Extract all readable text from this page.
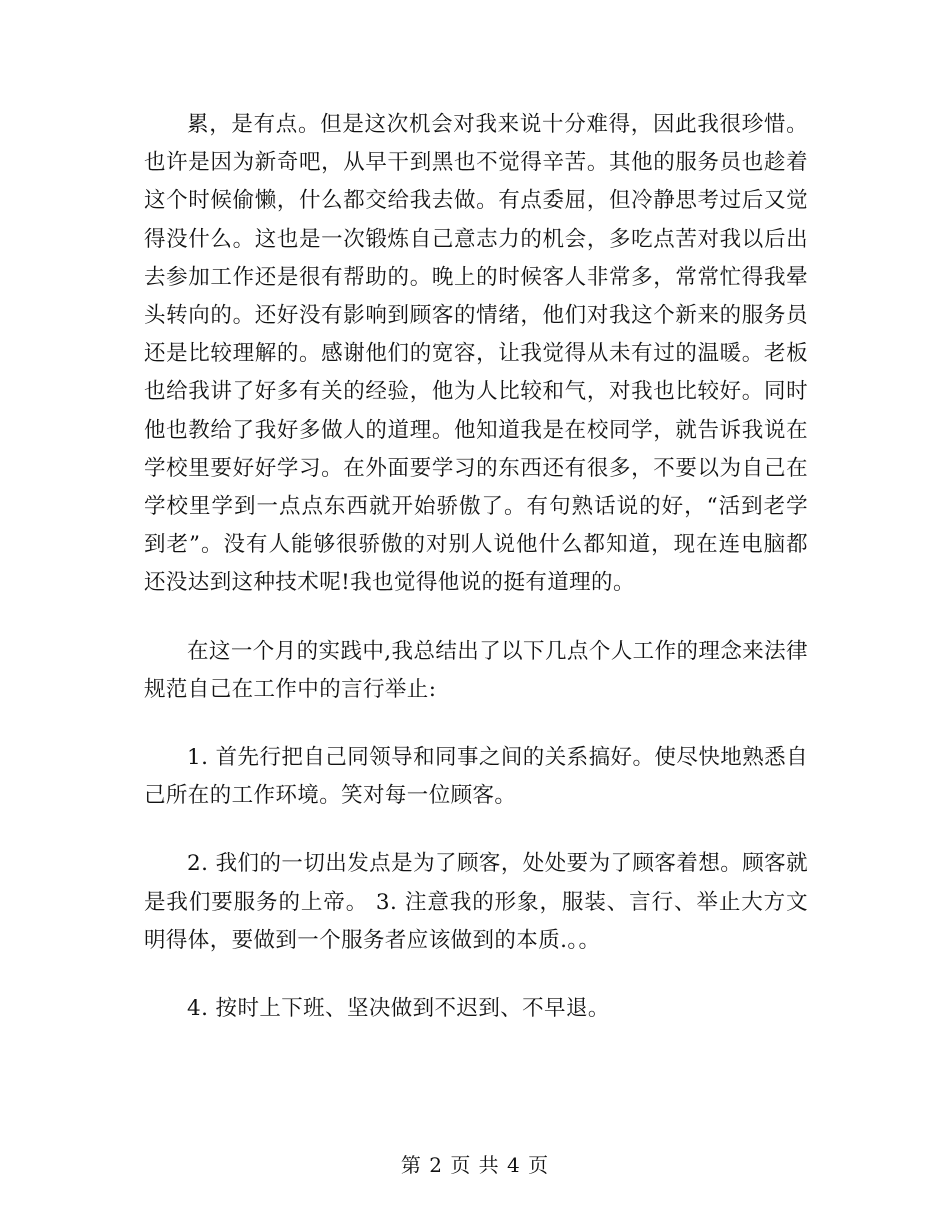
累，是有点。但是这次机会对我来说十分难得，因此我很珍惜。也许是因为新奇吧，从早干到黑也不觉得辛苦。其他的服务员也趁着这个时候偷懒，什么都交给我去做。有点委屈，但冷静思考过后又觉得没什么。这也是一次锻炼自己意志力的机会，多吃点苦对我以后出去参加工作还是很有帮助的。晚上的时候客人非常多，常常忙得我晕头转向的。还好没有影响到顾客的情绪，他们对我这个新来的服务员还是比较理解的。感谢他们的宽容，让我觉得从未有过的温暖。老板也给我讲了好多有关的经验，他为人比较和气，对我也比较好。同时他也教给了我好多做人的道理。他知道我是在校同学，就告诉我说在学校里要好好学习。在外面要学习的东西还有很多，不要以为自己在学校里学到一点点东西就开始骄傲了。有句熟话说的好，“活到老学到老”。没有人能够很骄傲的对别人说他什么都知道，现在连电脑都还没达到这种技术呢!我也觉得他说的挺有道理的。

在这一个月的实践中,我总结出了以下几点个人工作的理念来法律规范自己在工作中的言行举止:

1. 首先行把自己同领导和同事之间的关系搞好。使尽快地熟悉自己所在的工作环境。笑对每一位顾客。

2. 我们的一切出发点是为了顾客，处处要为了顾客着想。顾客就是我们要服务的上帝。 3. 注意我的形象，服装、言行、举止大方文明得体，要做到一个服务者应该做到的本质.。。

4. 按时上下班、坚决做到不迟到、不早退。

第 2 页 共 4 页
